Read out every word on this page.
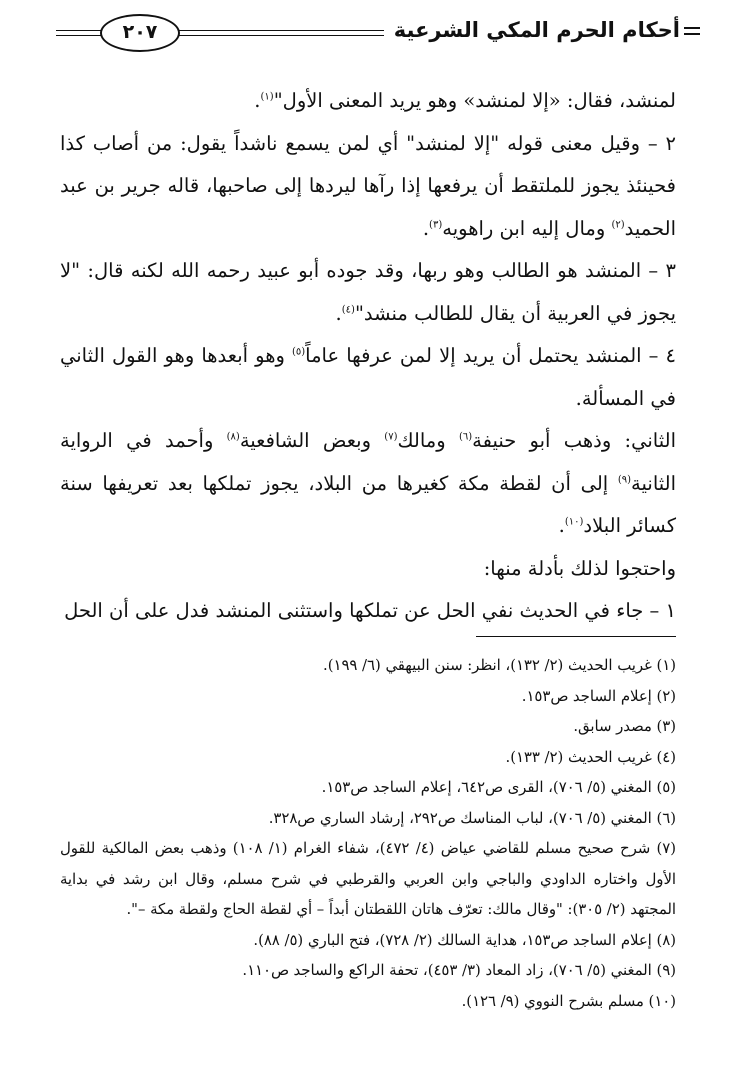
أحكام الحرم المكي الشرعية
٢٠٧

لمنشد، فقال: «إلا لمنشد» وهو يريد المعنى الأول"$^{(١)}$.

٢ – وقيل معنى قوله "إلا لمنشد" أي لمن يسمع ناشداً يقول: من أصاب كذا فحينئذ يجوز للملتقط أن يرفعها إذا رآها ليردها إلى صاحبها، قاله جرير بن عبد الحميد$^{(٢)}$ ومال إليه ابن راهويه$^{(٣)}$.

٣ – المنشد هو الطالب وهو ربها، وقد جوده أبو عبيد رحمه الله لكنه قال: "لا يجوز في العربية أن يقال للطالب منشد"$^{(٤)}$.

٤ – المنشد يحتمل أن يريد إلا لمن عرفها عاماً$^{(٥)}$ وهو أبعدها وهو القول الثاني في المسألة.

الثاني: وذهب أبو حنيفة$^{(٦)}$ ومالك$^{(٧)}$ وبعض الشافعية$^{(٨)}$ وأحمد في الرواية الثانية$^{(٩)}$ إلى أن لقطة مكة كغيرها من البلاد، يجوز تملكها بعد تعريفها سنة كسائر البلاد$^{(١٠)}$.

واحتجوا لذلك بأدلة منها:

١ – جاء في الحديث نفي الحل عن تملكها واستثنى المنشد فدل على أن الحل

(١) غريب الحديث (٢/ ١٣٢)، انظر: سنن البيهقي (٦/ ١٩٩).

(٢) إعلام الساجد ص١٥٣.

(٣) مصدر سابق.

(٤) غريب الحديث (٢/ ١٣٣).

(٥) المغني (٥/ ٧٠٦)، القرى ص٦٤٢، إعلام الساجد ص١٥٣.

(٦) المغني (٥/ ٧٠٦)، لباب المناسك ص٢٩٢، إرشاد الساري ص٣٢٨.

(٧) شرح صحيح مسلم للقاضي عياض (٤/ ٤٧٢)، شفاء الغرام (١/ ١٠٨) وذهب بعض المالكية للقول الأول واختاره الداودي والباجي وابن العربي والقرطبي في شرح مسلم، وقال ابن رشد في بداية المجتهد (٢/ ٣٠٥): "وقال مالك: تعرّف هاتان اللقطتان أبداً – أي لقطة الحاج ولقطة مكة –".

(٨) إعلام الساجد ص١٥٣، هداية السالك (٢/ ٧٢٨)، فتح الباري (٥/ ٨٨).

(٩) المغني (٥/ ٧٠٦)، زاد المعاد (٣/ ٤٥٣)، تحفة الراكع والساجد ص١١٠.

(١٠) مسلم بشرح النووي (٩/ ١٢٦).
